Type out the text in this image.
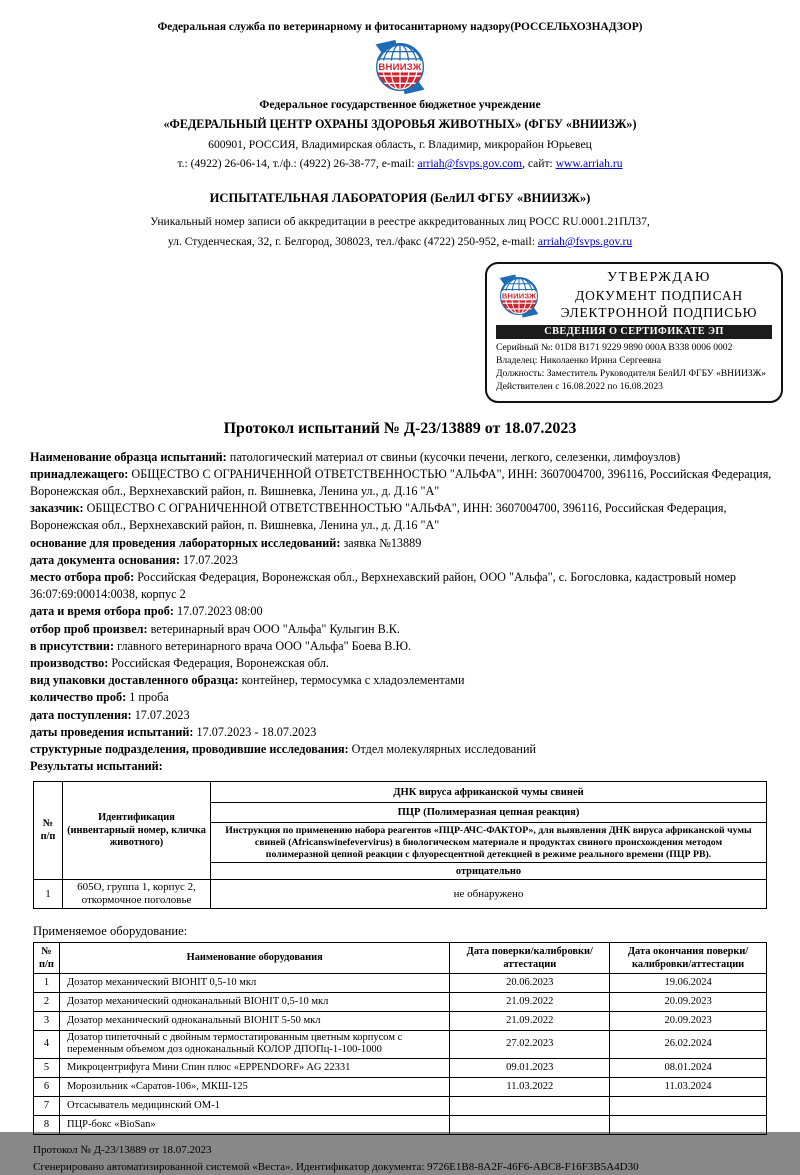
Федеральная служба по ветеринарному и фитосанитарному надзору(РОССЕЛЬХОЗНАДЗОР)
Федеральное государственное бюджетное учреждение
«ФЕДЕРАЛЬНЫЙ ЦЕНТР ОХРАНЫ ЗДОРОВЬЯ ЖИВОТНЫХ» (ФГБУ «ВНИИЗЖ»)
600901, РОССИЯ, Владимирская область, г. Владимир, микрорайон Юрьевец
т.: (4922) 26-06-14, т./ф.: (4922) 26-38-77, e-mail: arriah@fsvps.gov.com, сайт: www.arriah.ru
ИСПЫТАТЕЛЬНАЯ ЛАБОРАТОРИЯ (БелИЛ ФГБУ «ВНИИЗЖ»)
Уникальный номер записи об аккредитации в реестре аккредитованных лиц РОСС RU.0001.21ПЛ37,
ул. Студенческая, 32, г. Белгород, 308023, тел./факс (4722) 250-952, e-mail: arriah@fsvps.gov.ru
УТВЕРЖДАЮ
ДОКУМЕНТ ПОДПИСАН
ЭЛЕКТРОННОЙ ПОДПИСЬЮ
СВЕДЕНИЯ О СЕРТИФИКАТЕ ЭП
Серийный №: 01D8 B171 9229 9890 000A B338 0006 0002
Владелец: Николаенко Ирина Сергеевна
Должность: Заместитель Руководителя БелИЛ ФГБУ «ВНИИЗЖ»
Действителен с 16.08.2022 по 16.08.2023
Протокол испытаний № Д-23/13889 от 18.07.2023

Наименование образца испытаний: патологический материал от свиньи (кусочки печени, легкого, селезенки, лимфоузлов)

принадлежащего: ОБЩЕСТВО С ОГРАНИЧЕННОЙ ОТВЕТСТВЕННОСТЬЮ "АЛЬФА", ИНН: 3607004700, 396116, Российская Федерация, Воронежская обл., Верхнехавский район, п. Вишневка, Ленина ул., д. Д.16 "А"

заказчик: ОБЩЕСТВО С ОГРАНИЧЕННОЙ ОТВЕТСТВЕННОСТЬЮ "АЛЬФА", ИНН: 3607004700, 396116, Российская Федерация, Воронежская обл., Верхнехавский район, п. Вишневка, Ленина ул., д. Д.16 "А"

основание для проведения лабораторных исследований: заявка №13889

дата документа основания: 17.07.2023

место отбора проб: Российская Федерация, Воронежская обл., Верхнехавский район, ООО "Альфа", с. Богословка, кадастровый номер 36:07:69:00014:0038, корпус 2

дата и время отбора проб: 17.07.2023 08:00

отбор проб произвел: ветеринарный врач ООО "Альфа" Кулыгин В.К.

в присутствии: главного ветеринарного врача ООО "Альфа" Боева В.Ю.

производство: Российская Федерация, Воронежская обл.

вид упаковки доставленного образца: контейнер, термосумка с хладоэлементами

количество проб: 1 проба

дата поступления: 17.07.2023

даты проведения испытаний: 17.07.2023 - 18.07.2023

структурные подразделения, проводившие исследования: Отдел молекулярных исследований

Результаты испытаний:

№ п/п	Идентификация (инвентарный номер, кличка животного)	ДНК вируса африканской чумы свиней
		ПЦР (Полимеразная цепная реакция)
		Инструкция по применению набора реагентов «ПЦР-АЧС-ФАКТОР», для выявления ДНК вируса африканской чумы свиней (Africanswinefevervirus) в биологическом материале и продуктах свиного происхождения методом полимеразной цепной реакции с флуоресцентной детекцией в режиме реального времени (ПЦР РВ).
		отрицательно
1	605О, группа 1, корпус 2, откормочное поголовье	не обнаружено
Применяемое оборудование:
№ п/п	Наименование оборудования	Дата поверки/калибровки/аттестации	Дата окончания поверки/калибровки/аттестации
1	Дозатор механический BIOHIT 0,5-10 мкл	20.06.2023	19.06.2024
2	Дозатор механический одноканальный BIOHIT 0,5-10 мкл	21.09.2022	20.09.2023
3	Дозатор механический одноканальный BIOHIT 5-50 мкл	21.09.2022	20.09.2023
4	Дозатор пипеточный с двойным термостатированным цветным корпусом с переменным объемом доз одноканальный КОЛОР ДПОПц-1-100-1000	27.02.2023	26.02.2024
5	Микроцентрифуга Мини Спин плюс «EPPENDORF» AG 22331	09.01.2023	08.01.2024
6	Морозильник «Саратов-106», МКШ-125	11.03.2022	11.03.2024
7	Отсасыватель медицинский ОМ-1		
8	ПЦР-бокс «BioSan»		

Протокол № Д-23/13889 от 18.07.2023

Сгенерировано автоматизированной системой «Веста». Идентификатор документа: 9726E1B8-8A2F-46F6-ABC8-F16F3B5A4D30
